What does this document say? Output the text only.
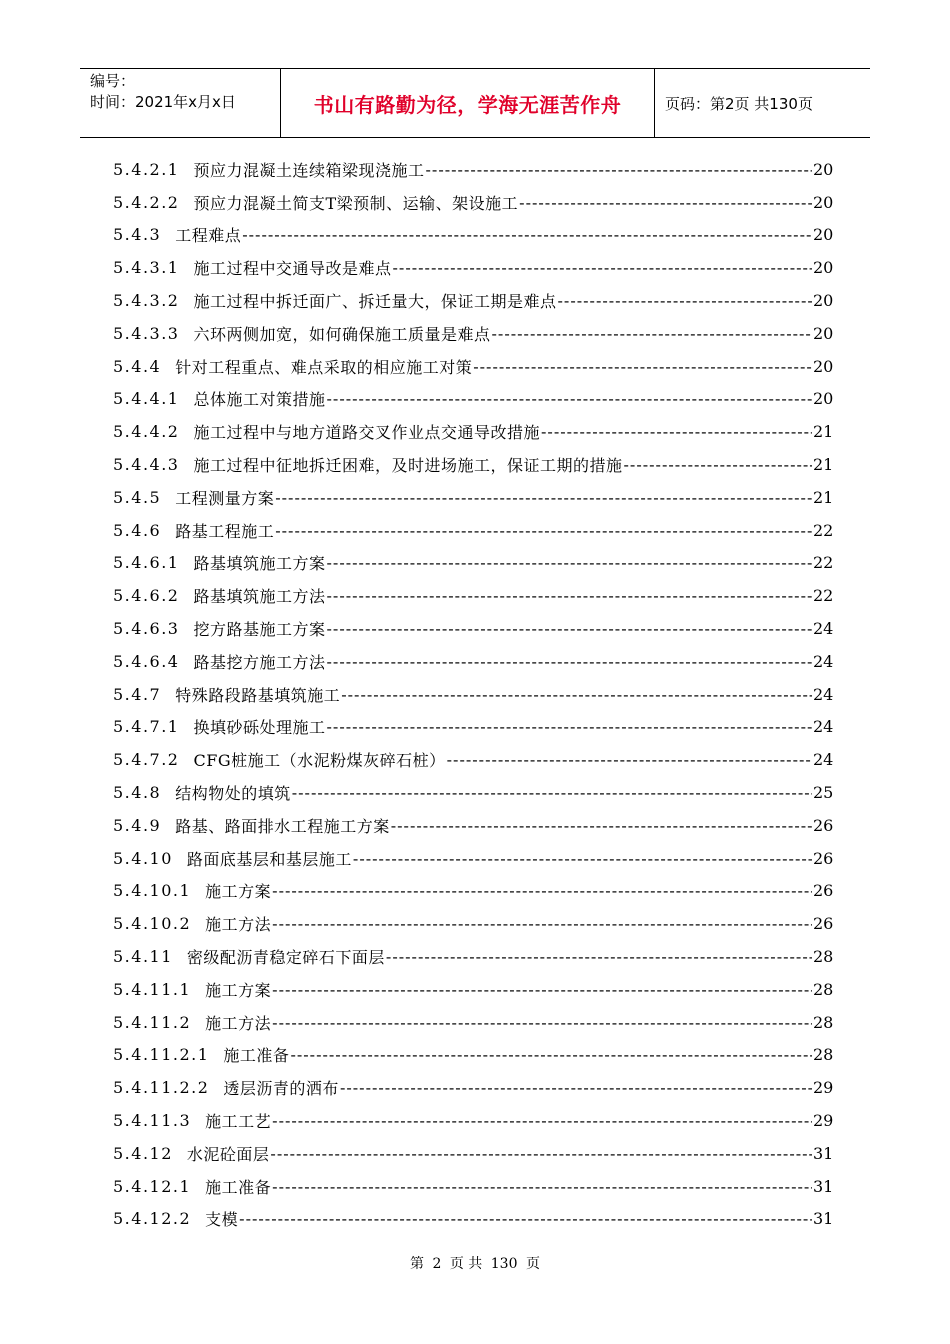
编号：
时间：2021年x月x日	书山有路勤为径，学海无涯苦作舟	页码：第2页 共130页
5.4.2.1 预应力混凝土连续箱梁现浇施工 -----	20
5.4.2.2 预应力混凝土简支T梁预制、运输、架设施工 -----	20
5.4.3 工程难点 -----	20
5.4.3.1 施工过程中交通导改是难点 -----	20
5.4.3.2 施工过程中拆迁面广、拆迁量大，保证工期是难点 -----	20
5.4.3.3 六环两侧加宽，如何确保施工质量是难点 -----	20
5.4.4 针对工程重点、难点采取的相应施工对策 -----	20
5.4.4.1 总体施工对策措施 -----	20
5.4.4.2 施工过程中与地方道路交叉作业点交通导改措施 -----	21
5.4.4.3 施工过程中征地拆迁困难，及时进场施工，保证工期的措施 -----	21
5.4.5 工程测量方案 -----	21
5.4.6 路基工程施工 -----	22
5.4.6.1 路基填筑施工方案 -----	22
5.4.6.2 路基填筑施工方法 -----	22
5.4.6.3 挖方路基施工方案 -----	24
5.4.6.4 路基挖方施工方法 -----	24
5.4.7 特殊路段路基填筑施工 -----	24
5.4.7.1 换填砂砾处理施工 -----	24
5.4.7.2 CFG桩施工（水泥粉煤灰碎石桩） -----	24
5.4.8 结构物处的填筑 -----	25
5.4.9 路基、路面排水工程施工方案 -----	26
5.4.10 路面底基层和基层施工 -----	26
5.4.10.1 施工方案 -----	26
5.4.10.2 施工方法 -----	26
5.4.11 密级配沥青稳定碎石下面层 -----	28
5.4.11.1 施工方案 -----	28
5.4.11.2 施工方法 -----	28
5.4.11.2.1 施工准备 -----	28
5.4.11.2.2 透层沥青的洒布 -----	29
5.4.11.3 施工工艺 -----	29
5.4.12 水泥砼面层 -----	31
5.4.12.1 施工准备 -----	31
5.4.12.2 支模 -----	31
第 2 页 共 130 页
